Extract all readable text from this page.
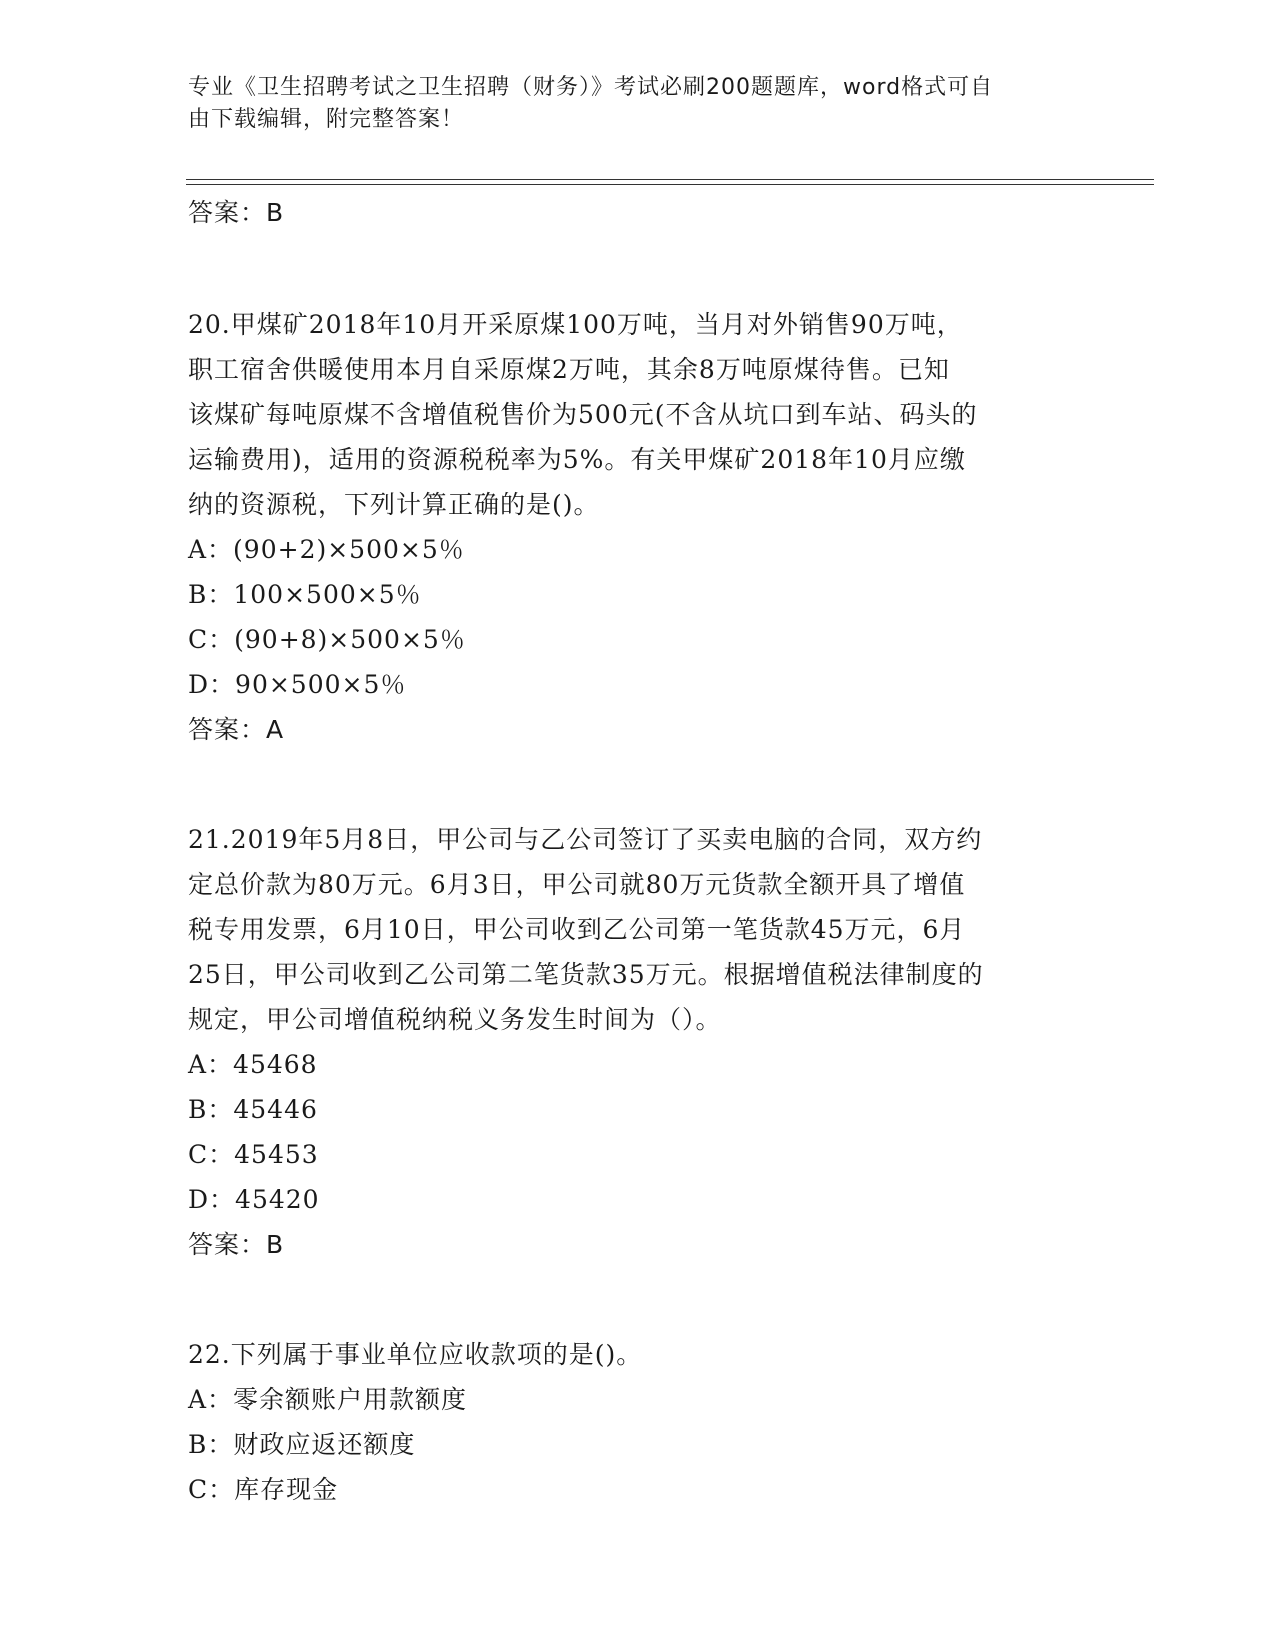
专业《卫生招聘考试之卫生招聘（财务）》考试必刷200题题库，word格式可自
由下载编辑，附完整答案！
答案：B
20.甲煤矿2018年10月开采原煤100万吨，当月对外销售90万吨，
职工宿舍供暖使用本月自采原煤2万吨，其余8万吨原煤待售。已知
该煤矿每吨原煤不含增值税售价为500元(不含从坑口到车站、码头的
运输费用)，适用的资源税税率为5%。有关甲煤矿2018年10月应缴
纳的资源税，下列计算正确的是()。
A：(90+2)×500×5％
B：100×500×5％
C：(90+8)×500×5％
D：90×500×5％
答案：A
21.2019年5月8日，甲公司与乙公司签订了买卖电脑的合同，双方约
定总价款为80万元。6月3日，甲公司就80万元货款全额开具了增值
税专用发票，6月10日，甲公司收到乙公司第一笔货款45万元，6月
25日，甲公司收到乙公司第二笔货款35万元。根据增值税法律制度的
规定，甲公司增值税纳税义务发生时间为（）。
A：45468
B：45446
C：45453
D：45420
答案：B
22.下列属于事业单位应收款项的是()。
A：零余额账户用款额度
B：财政应返还额度
C：库存现金
